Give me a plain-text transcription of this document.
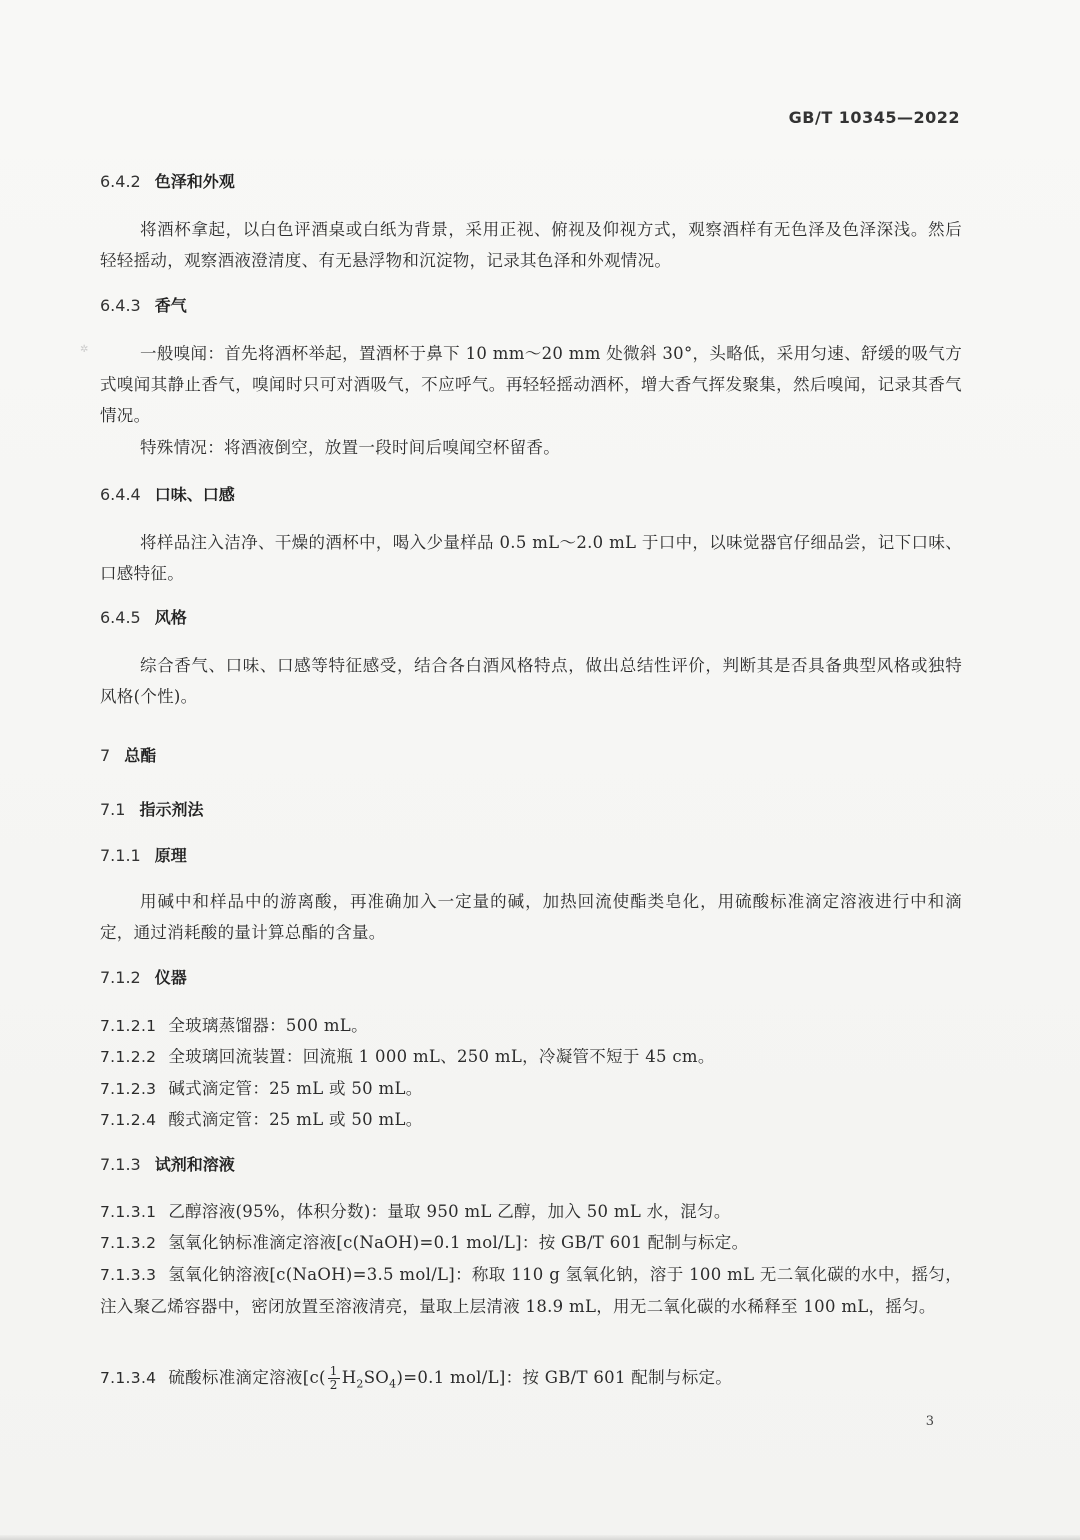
GB/T 10345—2022
✲
6.4.2 色泽和外观
将酒杯拿起，以白色评酒桌或白纸为背景，采用正视、俯视及仰视方式，观察酒样有无色泽及色泽深浅。然后轻轻摇动，观察酒液澄清度、有无悬浮物和沉淀物，记录其色泽和外观情况。
6.4.3 香气
一般嗅闻：首先将酒杯举起，置酒杯于鼻下 10 mm～20 mm 处微斜 30°，头略低，采用匀速、舒缓的吸气方式嗅闻其静止香气，嗅闻时只可对酒吸气，不应呼气。再轻轻摇动酒杯，增大香气挥发聚集，然后嗅闻，记录其香气情况。
特殊情况：将酒液倒空，放置一段时间后嗅闻空杯留香。
6.4.4 口味、口感
将样品注入洁净、干燥的酒杯中，喝入少量样品 0.5 mL～2.0 mL 于口中，以味觉器官仔细品尝，记下口味、口感特征。
6.4.5 风格
综合香气、口味、口感等特征感受，结合各白酒风格特点，做出总结性评价，判断其是否具备典型风格或独特风格(个性)。
7 总酯
7.1 指示剂法
7.1.1 原理
用碱中和样品中的游离酸，再准确加入一定量的碱，加热回流使酯类皂化，用硫酸标准滴定溶液进行中和滴定，通过消耗酸的量计算总酯的含量。
7.1.2 仪器
7.1.2.1 全玻璃蒸馏器：500 mL。
7.1.2.2 全玻璃回流装置：回流瓶 1 000 mL、250 mL，冷凝管不短于 45 cm。
7.1.2.3 碱式滴定管：25 mL 或 50 mL。
7.1.2.4 酸式滴定管：25 mL 或 50 mL。
7.1.3 试剂和溶液
7.1.3.1 乙醇溶液(95%，体积分数)：量取 950 mL 乙醇，加入 50 mL 水，混匀。
7.1.3.2 氢氧化钠标准滴定溶液[c(NaOH)=0.1 mol/L]：按 GB/T 601 配制与标定。
7.1.3.3 氢氧化钠溶液[c(NaOH)=3.5 mol/L]：称取 110 g 氢氧化钠，溶于 100 mL 无二氧化碳的水中，摇匀，注入聚乙烯容器中，密闭放置至溶液清亮，量取上层清液 18.9 mL，用无二氧化碳的水稀释至 100 mL，摇匀。
7.1.3.4 硫酸标准滴定溶液[$c( \frac{1}{2} H_2SO_4)=0.1$ mol/L]：按 GB/T 601 配制与标定。
3
